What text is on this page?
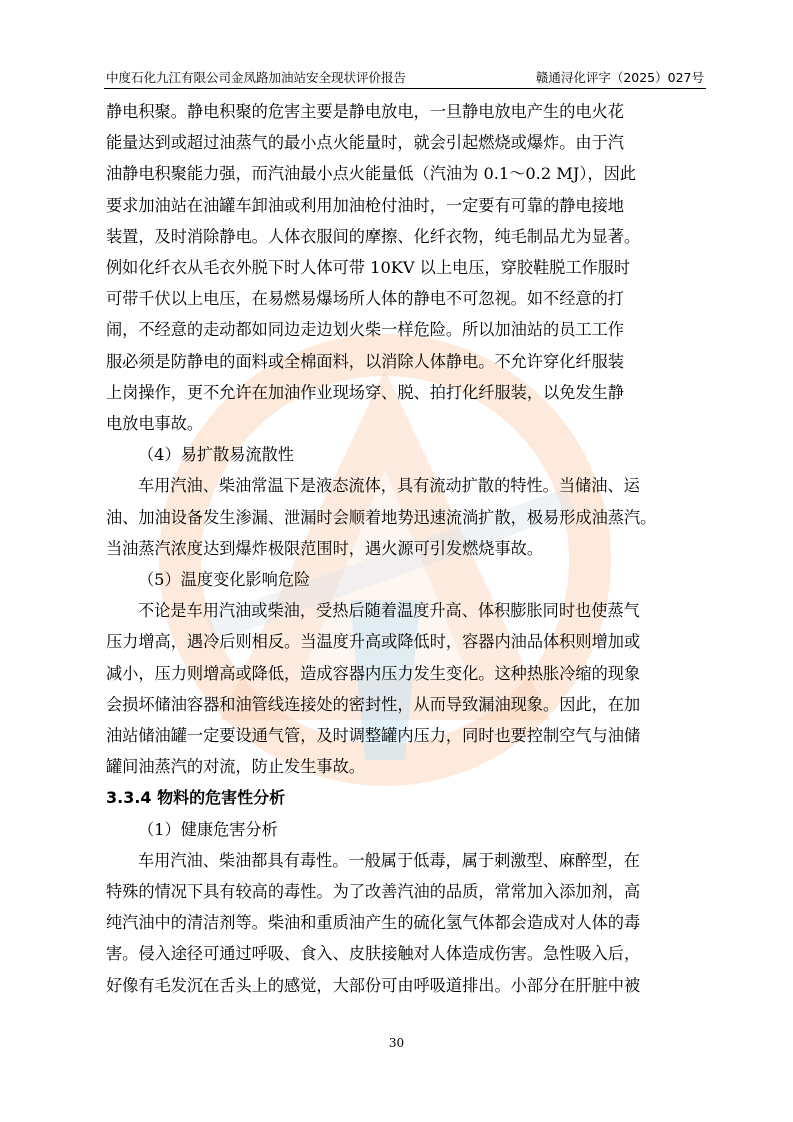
中度石化九江有限公司金凤路加油站安全现状评价报告	赣通浔化评字（2025）027号

静电积聚。静电积聚的危害主要是静电放电，一旦静电放电产生的电火花

能量达到或超过油蒸气的最小点火能量时，就会引起燃烧或爆炸。由于汽

油静电积聚能力强，而汽油最小点火能量低（汽油为 0.1～0.2 MJ），因此

要求加油站在油罐车卸油或利用加油枪付油时，一定要有可靠的静电接地

装置，及时消除静电。人体衣服间的摩擦、化纤衣物，纯毛制品尤为显著。

例如化纤衣从毛衣外脱下时人体可带 10KV 以上电压，穿胶鞋脱工作服时

可带千伏以上电压，在易燃易爆场所人体的静电不可忽视。如不经意的打

闹，不经意的走动都如同边走边划火柴一样危险。所以加油站的员工工作

服必须是防静电的面料或全棉面料，以消除人体静电。不允许穿化纤服装

上岗操作，更不允许在加油作业现场穿、脱、拍打化纤服装，以免发生静

电放电事故。

（4）易扩散易流散性

车用汽油、柴油常温下是液态流体，具有流动扩散的特性。当储油、运

油、加油设备发生渗漏、泄漏时会顺着地势迅速流淌扩散，极易形成油蒸汽。

当油蒸汽浓度达到爆炸极限范围时，遇火源可引发燃烧事故。

（5）温度变化影响危险

不论是车用汽油或柴油，受热后随着温度升高、体积膨胀同时也使蒸气

压力增高，遇冷后则相反。当温度升高或降低时，容器内油品体积则增加或

减小，压力则增高或降低，造成容器内压力发生变化。这种热胀冷缩的现象

会损坏储油容器和油管线连接处的密封性，从而导致漏油现象。因此，在加

油站储油罐一定要设通气管，及时调整罐内压力，同时也要控制空气与油储

罐间油蒸汽的对流，防止发生事故。

3.3.4 物料的危害性分析

（1）健康危害分析

车用汽油、柴油都具有毒性。一般属于低毒，属于刺激型、麻醉型，在

特殊的情况下具有较高的毒性。为了改善汽油的品质，常常加入添加剂，高

纯汽油中的清洁剂等。柴油和重质油产生的硫化氢气体都会造成对人体的毒

害。侵入途径可通过呼吸、食入、皮肤接触对人体造成伤害。急性吸入后，

好像有毛发沉在舌头上的感觉，大部份可由呼吸道排出。小部分在肝脏中被

30
